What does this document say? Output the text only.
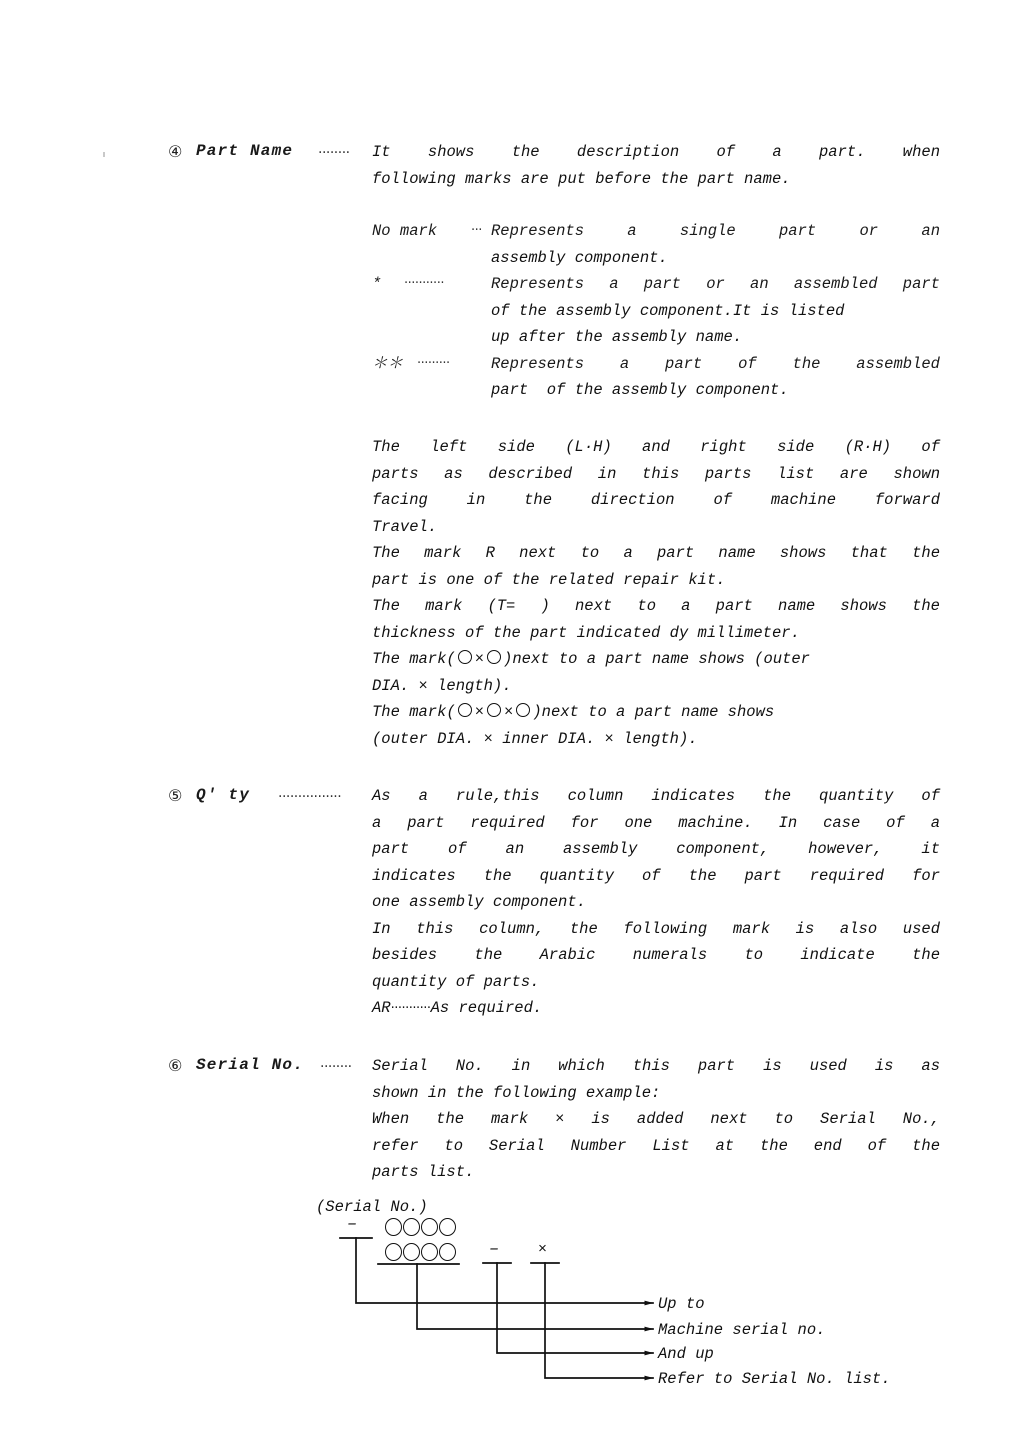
④ Part Name ········ It shows the description of a part. when
following marks are put before the part name.
No mark	··· Represents a single part or an
assembly component.
* ···········	Represents a part or an assembled part
of the assembly component.It is listed
up after the assembly name.
＊＊ ·········	Represents a part of the assembled
part  of the assembly component.
The left side (L·H) and right side (R·H) of
parts as described in this parts list are shown
facing in the direction of machine forward
Travel.
The mark R next to a part name shows that the
part is one of the related repair kit.
The mark (T= ) next to a part name shows the
thickness of the part indicated dy millimeter.
The mark( × )next to a part name shows (outer
DIA. × length).
The mark( × × )next to a part name shows
(outer DIA. × inner DIA. × length).
⑤ Q' ty ················ As a rule,this column indicates the quantity of
a part required for one machine. In case of a
part of an assembly component, however, it
indicates the quantity of the part required for
one assembly component.
In this column, the following mark is also used
besides the Arabic numerals to indicate the
quantity of parts.
AR···········As required.
⑥ Serial No. ········ Serial No. in which this part is used is as
shown in the following example:
When the mark × is added next to Serial No.,
refer to Serial Number List at the end of the
parts list.
(Serial No.)
–
–	×
Up to
Machine serial no.
And up
Refer to Serial No. list.
